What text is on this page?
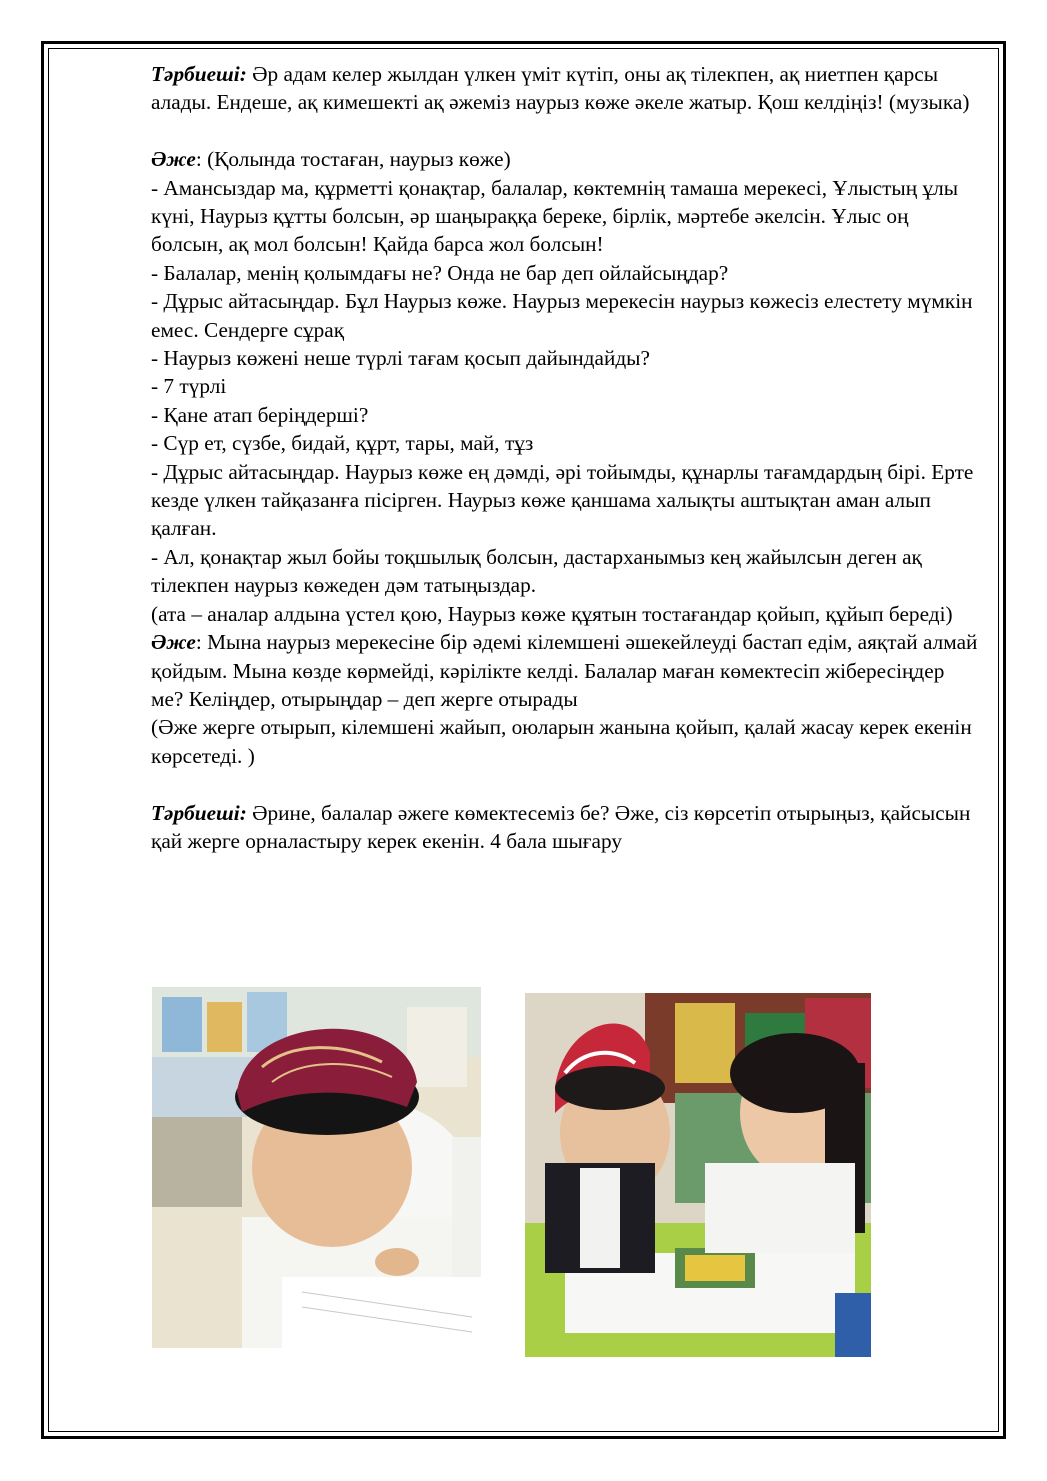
Тәрбиеші: Әр адам келер жылдан үлкен үміт күтіп, оны ақ тілекпен, ақ ниетпен қарсы алады. Ендеше, ақ кимешекті ақ әжеміз наурыз көже әкеле жатыр. Қош келдіңіз! (музыка)

Әже: (Қолында тостаған, наурыз көже)

- Амансыздар ма, құрметті қонақтар, балалар, көктемнің тамаша мерекесі, Ұлыстың ұлы күні, Наурыз құтты болсын, әр шаңыраққа береке, бірлік, мәртебе әкелсін. Ұлыс оң болсын, ақ мол болсын! Қайда барса жол болсын!

- Балалар, менің қолымдағы не? Онда не бар деп ойлайсыңдар?

- Дұрыс айтасыңдар. Бұл Наурыз көже. Наурыз мерекесін наурыз көжесіз елестету мүмкін емес. Сендерге сұрақ

- Наурыз көжені неше түрлі тағам қосып дайындайды?

- 7 түрлі

- Қане атап беріңдерші?

- Сүр ет, сүзбе, бидай, құрт, тары, май, тұз

- Дұрыс айтасыңдар. Наурыз көже ең дәмді, әрі тойымды, құнарлы тағамдардың бірі. Ерте кезде үлкен тайқазанға пісірген. Наурыз көже қаншама халықты аштықтан аман алып қалған.

- Ал, қонақтар жыл бойы тоқшылық болсын, дастарханымыз кең жайылсын деген ақ тілекпен наурыз көжеден дәм татыңыздар.

(ата – аналар алдына үстел қою, Наурыз көже құятын тостағандар қойып, құйып береді)

Әже: Мына наурыз мерекесіне бір әдемі кілемшені әшекейлеуді бастап едім, аяқтай алмай қойдым. Мына көзде көрмейді, кәрілікте келді. Балалар маған көмектесіп жібересіңдер ме? Келіңдер, отырыңдар – деп жерге отырады

(Әже жерге отырып, кілемшені жайып, оюларын жанына қойып, қалай жасау керек екенін көрсетеді. )

Тәрбиеші: Әрине, балалар әжеге көмектесеміз бе? Әже, сіз көрсетіп отырыңыз, қайсысын қай жерге орналастыру керек екенін. 4 бала шығару
